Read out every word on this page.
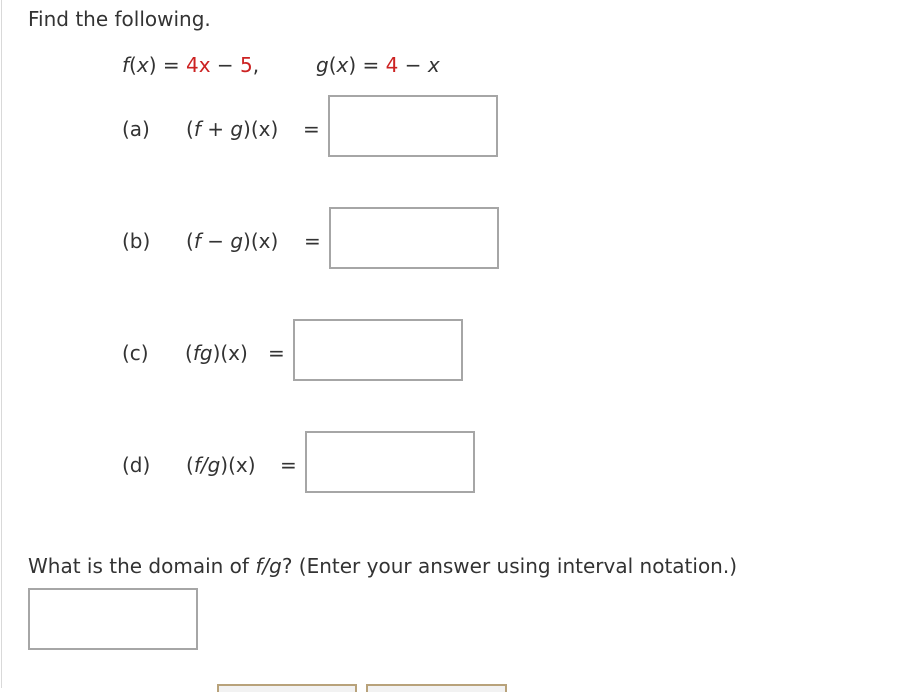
Find the following.
f(x) = 4x − 5,	g(x) = 4 − x
(a) (f + g)(x) =
(b) (f − g)(x) =
(c) (fg)(x) =
(d) (f/g)(x) =
What is the domain of f/g? (Enter your answer using interval notation.)
